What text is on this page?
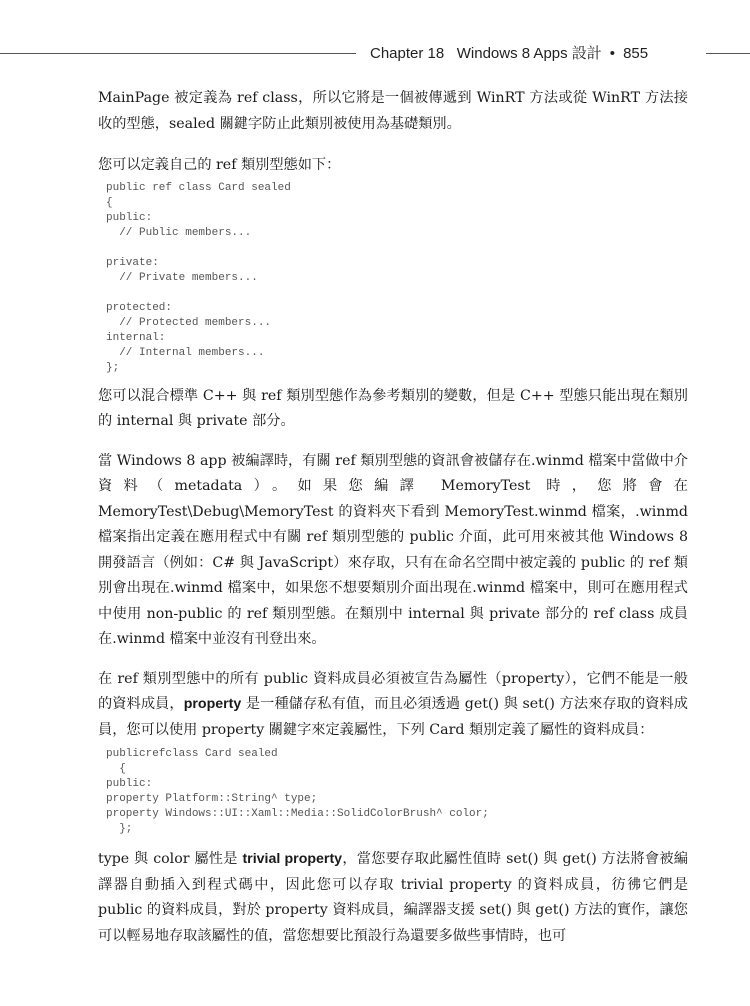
Chapter 18 Windows 8 Apps 設計 • 855

MainPage 被定義為 ref class，所以它將是一個被傳遞到 WinRT 方法或從 WinRT 方法接收的型態，sealed 關鍵字防止此類別被使用為基礎類別。

您可以定義自己的 ref 類別型態如下：

public ref class Card sealed
{
public:
// Public members...

private:
// Private members...

protected:
// Protected members...
internal:
// Internal members...
};

您可以混合標準 C++ 與 ref 類別型態作為參考類別的變數，但是 C++ 型態只能出現在類別的 internal 與 private 部分。

當 Windows 8 app 被編譯時，有關 ref 類別型態的資訊會被儲存在.winmd 檔案中當做中介資料（metadata）。如果您編譯 MemoryTest 時，您將會在 MemoryTest\Debug\MemoryTest 的資料夾下看到 MemoryTest.winmd 檔案，.winmd 檔案指出定義在應用程式中有關 ref 類別型態的 public 介面，此可用來被其他 Windows 8 開發語言（例如：C# 與 JavaScript）來存取，只有在命名空間中被定義的 public 的 ref 類別會出現在.winmd 檔案中，如果您不想要類別介面出現在.winmd 檔案中，則可在應用程式中使用 non-public 的 ref 類別型態。在類別中 internal 與 private 部分的 ref class 成員在.winmd 檔案中並沒有刊登出來。

在 ref 類別型態中的所有 public 資料成員必須被宣告為屬性（property），它們不能是一般的資料成員，property 是一種儲存私有值，而且必須透過 get() 與 set() 方法來存取的資料成員，您可以使用 property 關鍵字來定義屬性，下列 Card 類別定義了屬性的資料成員：

publicrefclass Card sealed
{
public:
property Platform::String^ type;
property Windows::UI::Xaml::Media::SolidColorBrush^ color;
};

type 與 color 屬性是 trivial property，當您要存取此屬性值時 set() 與 get() 方法將會被編譯器自動插入到程式碼中，因此您可以存取 trivial property 的資料成員，彷彿它們是 public 的資料成員，對於 property 資料成員，編譯器支援 set() 與 get() 方法的實作，讓您可以輕易地存取該屬性的值，當您想要比預設行為還要多做些事情時，也可
